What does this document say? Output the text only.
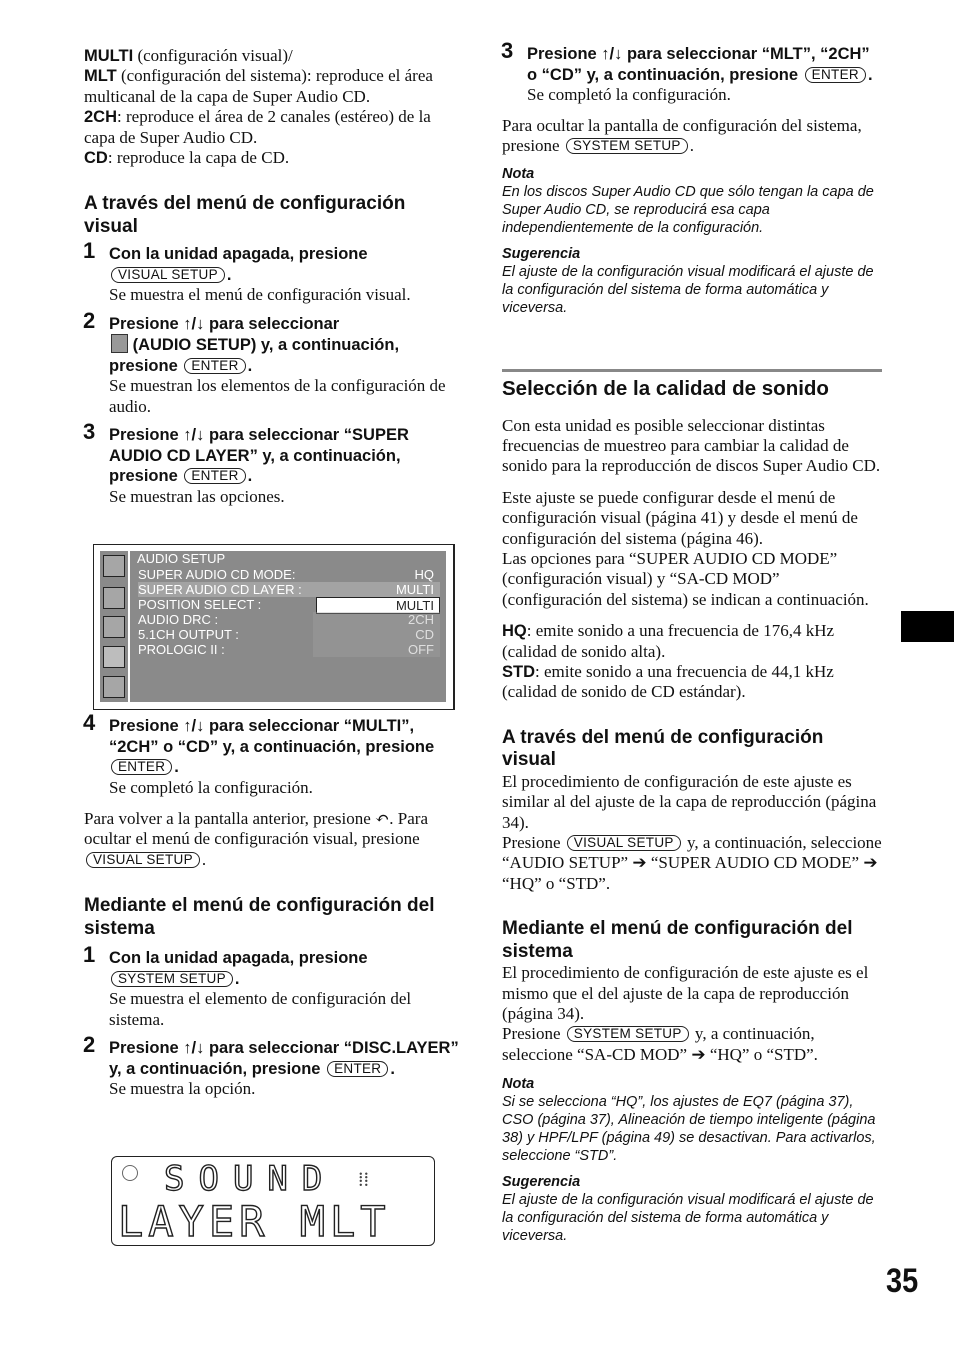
MULTI (configuración visual)/

MLT (configuración del sistema): reproduce el área multicanal de la capa de Super Audio CD.

2CH: reproduce el área de 2 canales (estéreo) de la capa de Super Audio CD.

CD: reproduce la capa de CD.

A través del menú de configuración visual
1 Con la unidad apagada, presione
VISUAL SETUP .
Se muestra el menú de configuración visual.
2 Presione ↑/↓ para seleccionar
(AUDIO SETUP) y, a continuación, presione ENTER .
Se muestran los elementos de la configuración de audio.
3 Presione ↑/↓ para seleccionar “SUPER AUDIO CD LAYER” y, a continuación, presione ENTER .
Se muestran las opciones.
AUDIO SETUP
SUPER AUDIO CD MODE:	HQ
SUPER AUDIO CD LAYER :	MULTI
POSITION SELECT :	MULTI
AUDIO DRC :	2CH
5.1CH OUTPUT :	CD
PROLOGIC II :	OFF
4 Presione ↑/↓ para seleccionar “MULTI”, “2CH” o “CD” y, a continuación, presione ENTER .
Se completó la configuración.

Para volver a la pantalla anterior, presione ↶. Para ocultar el menú de configuración visual, presione VISUAL SETUP .

Mediante el menú de configuración del sistema
1 Con la unidad apagada, presione
SYSTEM SETUP .
Se muestra el elemento de configuración del sistema.
2 Presione ↑/↓ para seleccionar “DISC.LAYER” y, a continuación, presione ENTER .
Se muestra la opción.
SOUND ⁞⁞
LAYER MLT
3 Presione ↑/↓ para seleccionar “MLT”, “2CH” o “CD” y, a continuación, presione ENTER .
Se completó la configuración.

Para ocultar la pantalla de configuración del sistema, presione SYSTEM SETUP .

Nota
En los discos Super Audio CD que sólo tengan la capa de Super Audio CD, se reproducirá esa capa independientemente de la configuración.
Sugerencia
El ajuste de la configuración visual modificará el ajuste de la configuración del sistema de forma automática y viceversa.
Selección de la calidad de sonido

Con esta unidad es posible seleccionar distintas frecuencias de muestreo para cambiar la calidad de sonido para la reproducción de discos Super Audio CD.

Este ajuste se puede configurar desde el menú de configuración visual (página 41) y desde el menú de configuración del sistema (página 46).

Las opciones para “SUPER AUDIO CD MODE” (configuración visual) y “SA-CD MOD” (configuración del sistema) se indican a continuación.

HQ: emite sonido a una frecuencia de 176,4 kHz (calidad de sonido alta).

STD: emite sonido a una frecuencia de 44,1 kHz (calidad de sonido de CD estándar).

A través del menú de configuración visual

El procedimiento de configuración de este ajuste es similar al del ajuste de la capa de reproducción (página 34).

Presione VISUAL SETUP y, a continuación, seleccione “AUDIO SETUP” ➔ “SUPER AUDIO CD MODE” ➔ “HQ” o “STD”.

Mediante el menú de configuración del sistema

El procedimiento de configuración de este ajuste es el mismo que el del ajuste de la capa de reproducción (página 34).

Presione SYSTEM SETUP y, a continuación, seleccione “SA-CD MOD” ➔ “HQ” o “STD”.

Nota
Si se selecciona “HQ”, los ajustes de EQ7 (página 37), CSO (página 37), Alineación de tiempo inteligente (página 38) y HPF/LPF (página 49) se desactivan. Para activarlos, seleccione “STD”.
Sugerencia
El ajuste de la configuración visual modificará el ajuste de la configuración del sistema de forma automática y viceversa.
35
